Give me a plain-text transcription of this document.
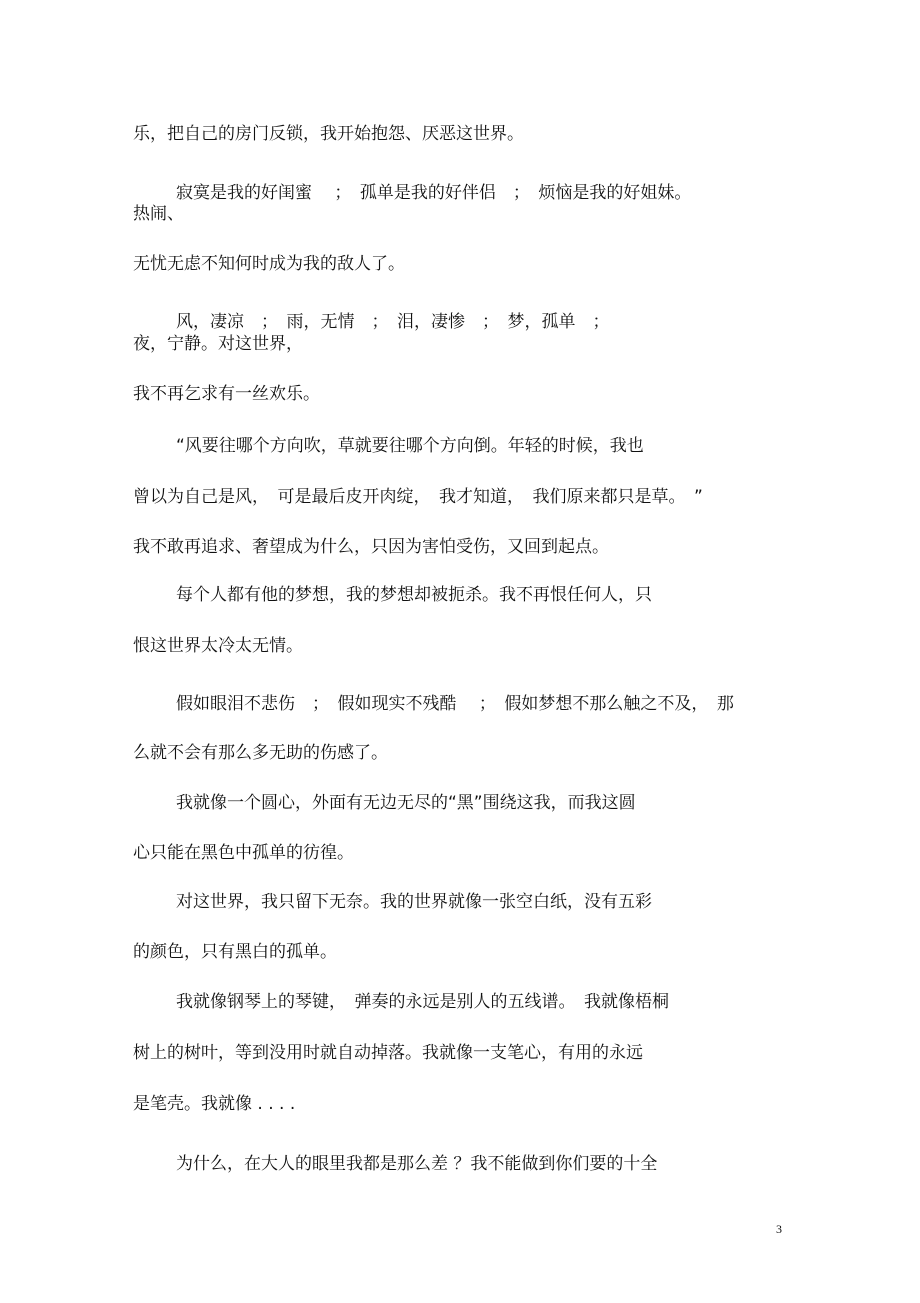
乐，把自己的房门反锁，我开始抱怨、厌恶这世界。
寂寞是我的好闺蜜　 ；　孤单是我的好伴侣　；　烦恼是我的好姐妹。
热闹、
无忧无虑不知何时成为我的敌人了。
风，凄凉　；　雨，无情　；　泪，凄惨　；　梦，孤单　；
夜，宁静。对这世界，
我不再乞求有一丝欢乐。
“风要往哪个方向吹，草就要往哪个方向倒。年轻的时候，我也
曾以为自己是风，　可是最后皮开肉绽，　我才知道，　我们原来都只是草。　”
我不敢再追求、奢望成为什么，只因为害怕受伤，又回到起点。
每个人都有他的梦想，我的梦想却被扼杀。我不再恨任何人，只
恨这世界太冷太无情。
假如眼泪不悲伤　；　假如现实不残酷　 ；　假如梦想不那么触之不及，　那
么就不会有那么多无助的伤感了。
我就像一个圆心，外面有无边无尽的“黑”围绕这我，而我这圆
心只能在黑色中孤单的彷徨。
对这世界，我只留下无奈。我的世界就像一张空白纸，没有五彩
的颜色，只有黑白的孤单。
我就像钢琴上的琴键，　弹奏的永远是别人的五线谱。　我就像梧桐
树上的树叶，等到没用时就自动掉落。我就像一支笔心，有用的永远
是笔壳。我就像 . . . .
为什么，在大人的眼里我都是那么差 ？我不能做到你们要的十全
3
